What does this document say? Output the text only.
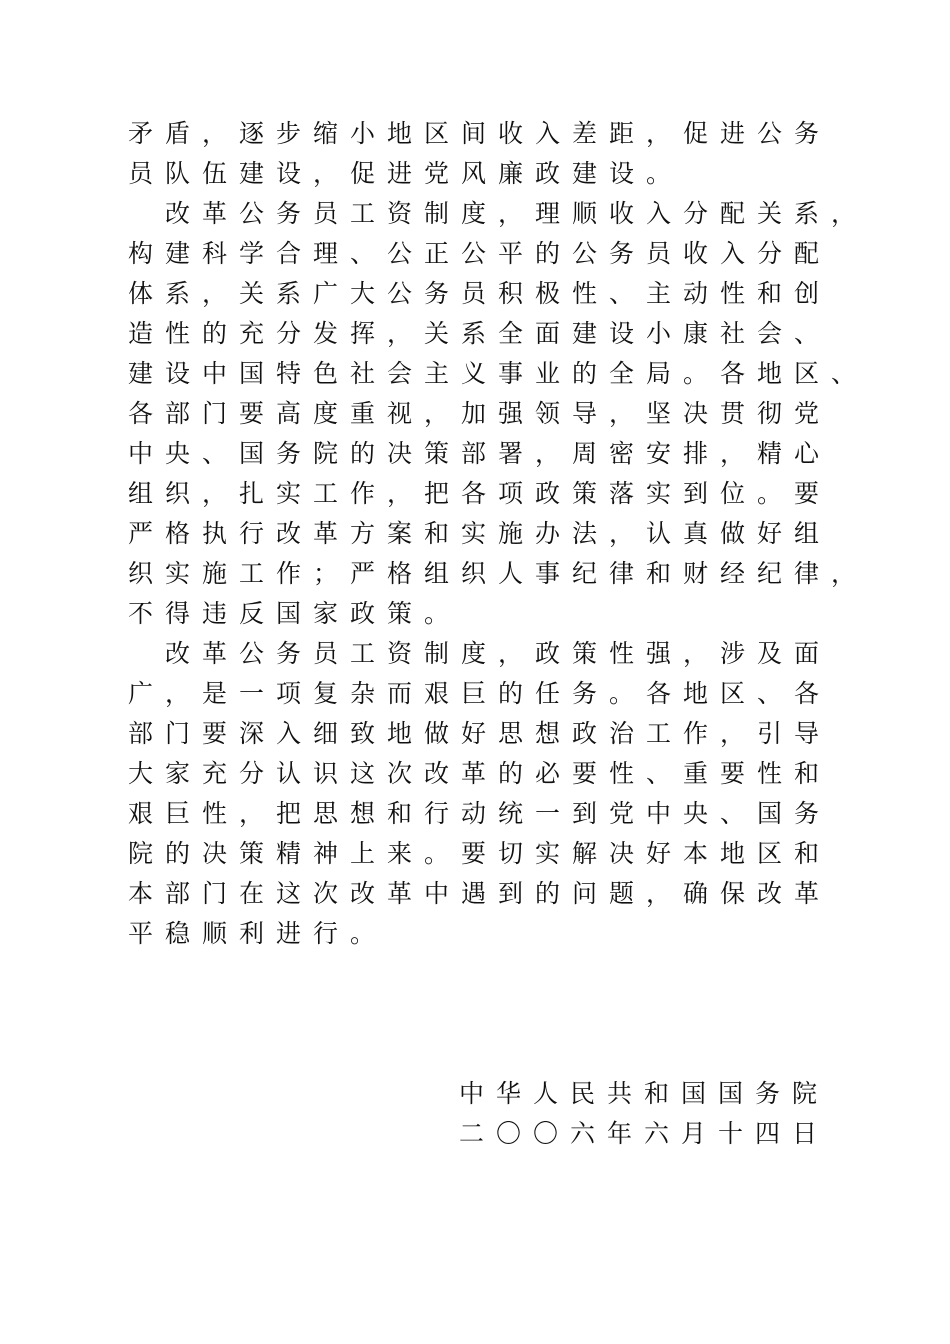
矛盾，逐步缩小地区间收入差距，促进公务
员队伍建设，促进党风廉政建设。
　改革公务员工资制度，理顺收入分配关系，
构建科学合理、公正公平的公务员收入分配
体系，关系广大公务员积极性、主动性和创
造性的充分发挥，关系全面建设小康社会、
建设中国特色社会主义事业的全局。各地区、
各部门要高度重视，加强领导，坚决贯彻党
中央、国务院的决策部署，周密安排，精心
组织，扎实工作，把各项政策落实到位。要
严格执行改革方案和实施办法，认真做好组
织实施工作；严格组织人事纪律和财经纪律，
不得违反国家政策。
　改革公务员工资制度，政策性强，涉及面
广，是一项复杂而艰巨的任务。各地区、各
部门要深入细致地做好思想政治工作，引导
大家充分认识这次改革的必要性、重要性和
艰巨性，把思想和行动统一到党中央、国务
院的决策精神上来。要切实解决好本地区和
本部门在这次改革中遇到的问题，确保改革
平稳顺利进行。
中华人民共和国国务院
二〇〇六年六月十四日
